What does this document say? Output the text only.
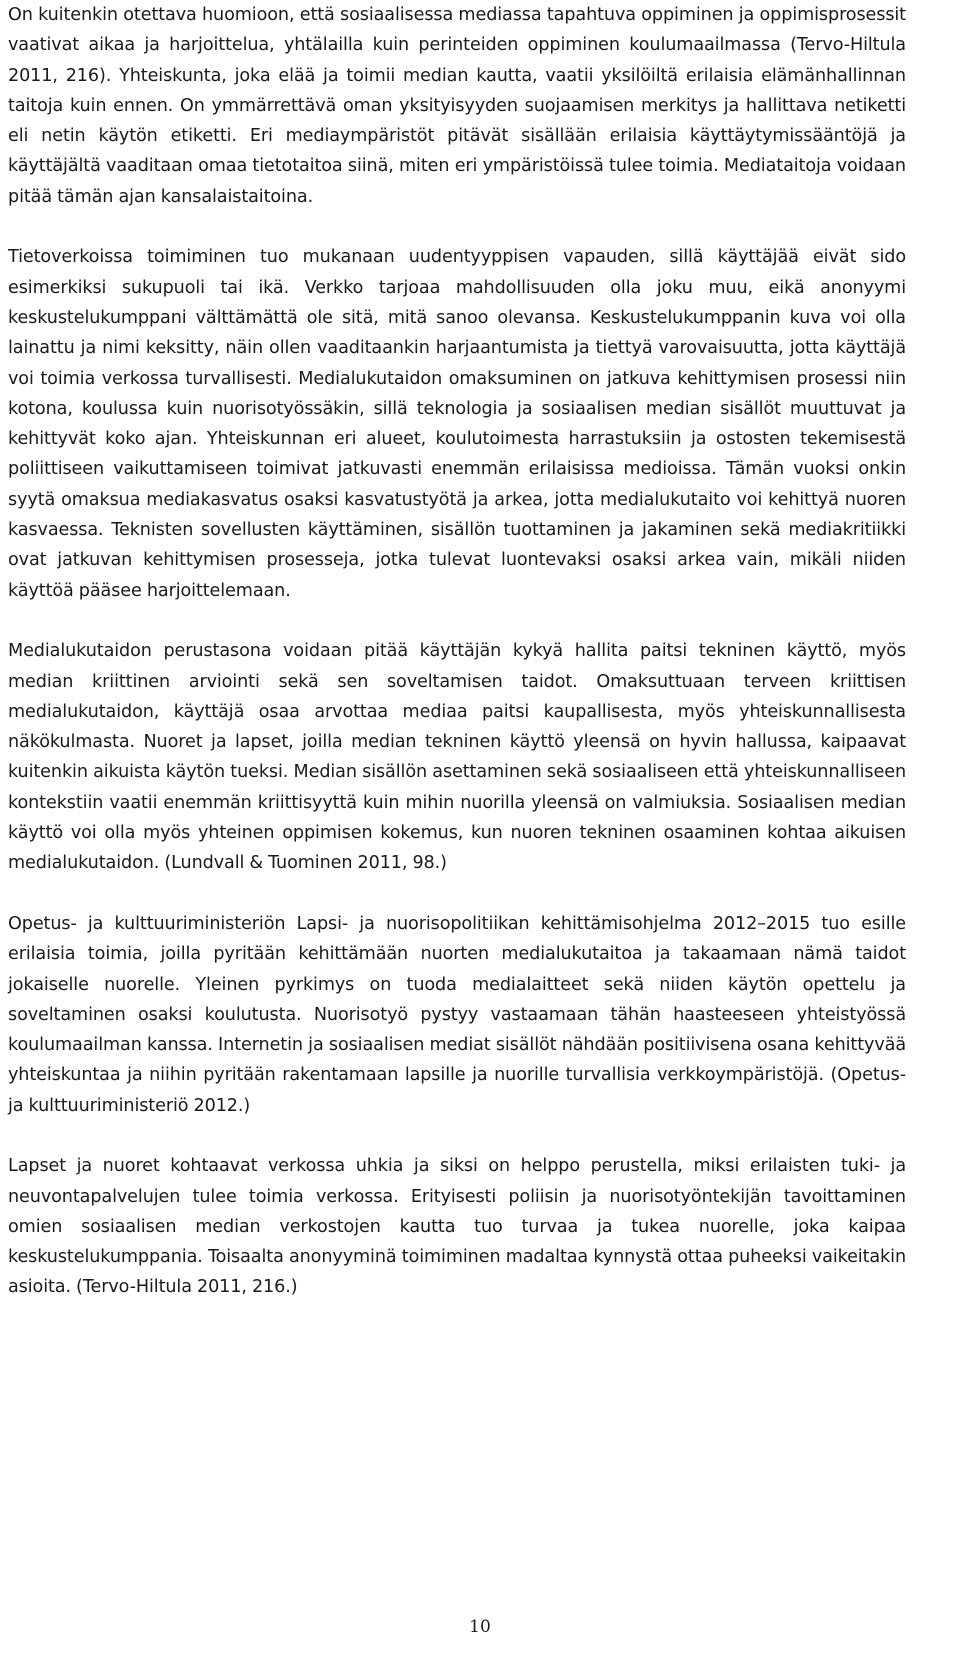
On kuitenkin otettava huomioon, että sosiaalisessa mediassa tapahtuva oppiminen ja oppimisprosessit vaativat aikaa ja harjoittelua, yhtälailla kuin perinteiden oppiminen koulumaailmassa (Tervo-Hiltula 2011, 216). Yhteiskunta, joka elää ja toimii median kautta, vaatii yksilöiltä erilaisia elämänhallinnan taitoja kuin ennen. On ymmärrettävä oman yksityisyyden suojaamisen merkitys ja hallittava netiketti eli netin käytön etiketti. Eri mediaympäristöt pitävät sisällään erilaisia käyttäytymissääntöjä ja käyttäjältä vaaditaan omaa tietotaitoa siinä, miten eri ympäristöissä tulee toimia. Mediataitoja voidaan pitää tämän ajan kansalaistaitoina.

Tietoverkoissa toimiminen tuo mukanaan uudentyyppisen vapauden, sillä käyttäjää eivät sido esimerkiksi sukupuoli tai ikä. Verkko tarjoaa mahdollisuuden olla joku muu, eikä anonyymi keskustelukumppani välttämättä ole sitä, mitä sanoo olevansa. Keskustelukumppanin kuva voi olla lainattu ja nimi keksitty, näin ollen vaaditaankin harjaantumista ja tiettyä varovaisuutta, jotta käyttäjä voi toimia verkossa turvallisesti. Medialukutaidon omaksuminen on jatkuva kehittymisen prosessi niin kotona, koulussa kuin nuorisotyössäkin, sillä teknologia ja sosiaalisen median sisällöt muuttuvat ja kehittyvät koko ajan. Yhteiskunnan eri alueet, koulutoimesta harrastuksiin ja ostosten tekemisestä poliittiseen vaikuttamiseen toimivat jatkuvasti enemmän erilaisissa medioissa. Tämän vuoksi onkin syytä omaksua mediakasvatus osaksi kasvatustyötä ja arkea, jotta medialukutaito voi kehittyä nuoren kasvaessa. Teknisten sovellusten käyttäminen, sisällön tuottaminen ja jakaminen sekä mediakritiikki ovat jatkuvan kehittymisen prosesseja, jotka tulevat luontevaksi osaksi arkea vain, mikäli niiden käyttöä pääsee harjoittelemaan.

Medialukutaidon perustasona voidaan pitää käyttäjän kykyä hallita paitsi tekninen käyttö, myös median kriittinen arviointi sekä sen soveltamisen taidot. Omaksuttuaan terveen kriittisen medialukutaidon, käyttäjä osaa arvottaa mediaa paitsi kaupallisesta, myös yhteiskunnallisesta näkökulmasta. Nuoret ja lapset, joilla median tekninen käyttö yleensä on hyvin hallussa, kaipaavat kuitenkin aikuista käytön tueksi. Median sisällön asettaminen sekä sosiaaliseen että yhteiskunnalliseen kontekstiin vaatii enemmän kriittisyyttä kuin mihin nuorilla yleensä on valmiuksia. Sosiaalisen median käyttö voi olla myös yhteinen oppimisen kokemus, kun nuoren tekninen osaaminen kohtaa aikuisen medialukutaidon. (Lundvall & Tuominen 2011, 98.)

Opetus- ja kulttuuriministeriön Lapsi- ja nuorisopolitiikan kehittämisohjelma 2012–2015 tuo esille erilaisia toimia, joilla pyritään kehittämään nuorten medialukutaitoa ja takaamaan nämä taidot jokaiselle nuorelle. Yleinen pyrkimys on tuoda medialaitteet sekä niiden käytön opettelu ja soveltaminen osaksi koulutusta. Nuorisotyö pystyy vastaamaan tähän haasteeseen yhteistyössä koulumaailman kanssa. Internetin ja sosiaalisen mediat sisällöt nähdään positiivisena osana kehittyvää yhteiskuntaa ja niihin pyritään rakentamaan lapsille ja nuorille turvallisia verkkoympäristöjä. (Opetus- ja kulttuuriministeriö 2012.)

Lapset ja nuoret kohtaavat verkossa uhkia ja siksi on helppo perustella, miksi erilaisten tuki- ja neuvontapalvelujen tulee toimia verkossa. Erityisesti poliisin ja nuorisotyöntekijän tavoittaminen omien sosiaalisen median verkostojen kautta tuo turvaa ja tukea nuorelle, joka kaipaa keskustelukumppania. Toisaalta anonyyminä toimiminen madaltaa kynnystä ottaa puheeksi vaikeitakin asioita. (Tervo-Hiltula 2011, 216.)

10
